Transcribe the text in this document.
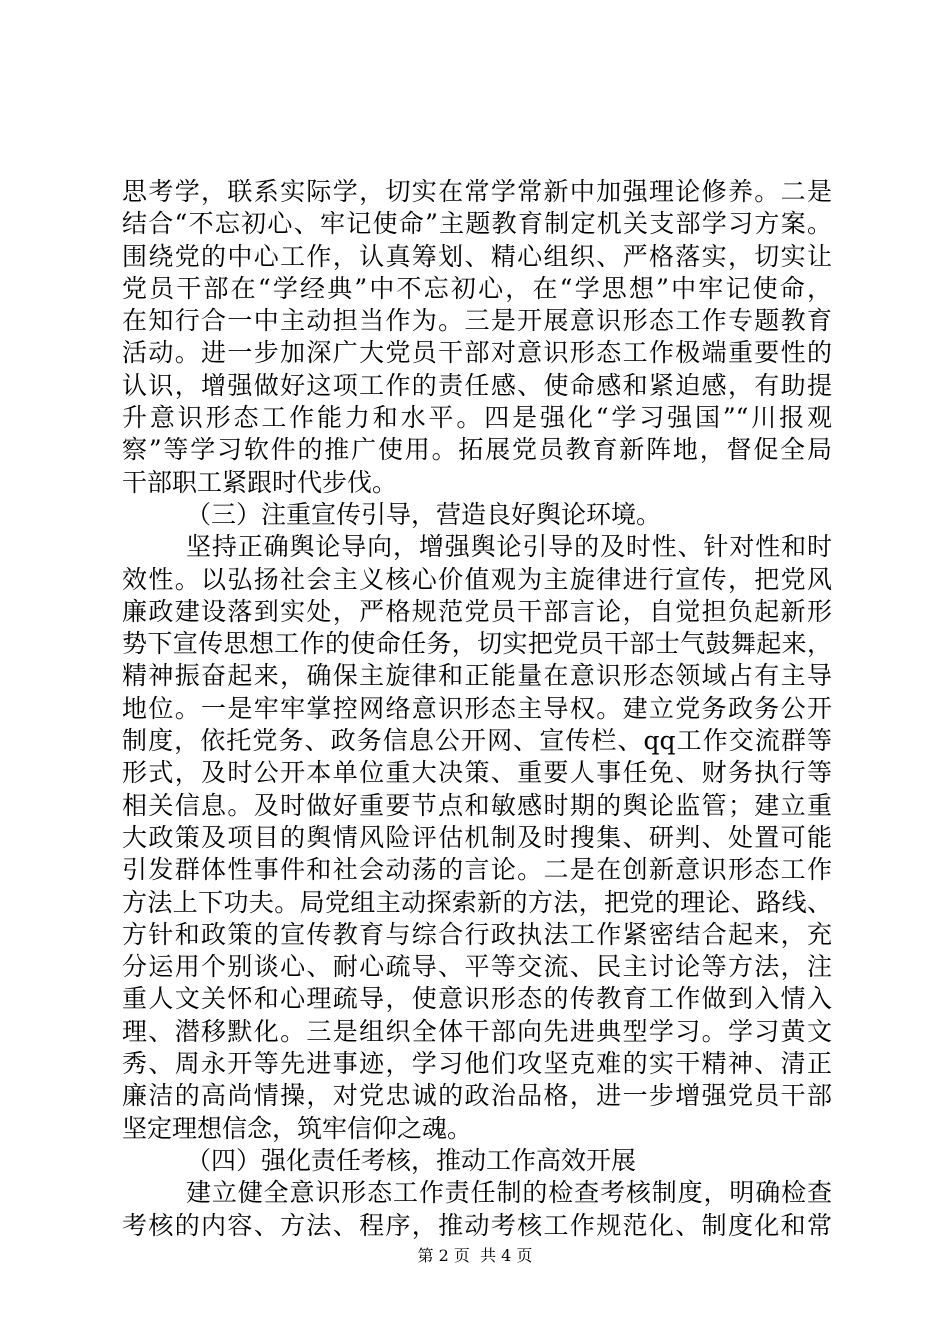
思考学，联系实际学，切实在常学常新中加强理论修养。二是
结合“不忘初心、牢记使命”主题教育制定机关支部学习方案。
围绕党的中心工作，认真筹划、精心组织、严格落实，切实让
党员干部在“学经典”中不忘初心，在“学思想”中牢记使命，
在知行合一中主动担当作为。三是开展意识形态工作专题教育
活动。进一步加深广大党员干部对意识形态工作极端重要性的
认识，增强做好这项工作的责任感、使命感和紧迫感，有助提
升意识形态工作能力和水平。四是强化“学习强国”“川报观
察”等学习软件的推广使用。拓展党员教育新阵地，督促全局
干部职工紧跟时代步伐。
（三）注重宣传引导，营造良好舆论环境。
坚持正确舆论导向，增强舆论引导的及时性、针对性和时
效性。以弘扬社会主义核心价值观为主旋律进行宣传，把党风
廉政建设落到实处，严格规范党员干部言论，自觉担负起新形
势下宣传思想工作的使命任务，切实把党员干部士气鼓舞起来，
精神振奋起来，确保主旋律和正能量在意识形态领域占有主导
地位。一是牢牢掌控网络意识形态主导权。建立党务政务公开
制度，依托党务、政务信息公开网、宣传栏、qq工作交流群等
形式，及时公开本单位重大决策、重要人事任免、财务执行等
相关信息。及时做好重要节点和敏感时期的舆论监管；建立重
大政策及项目的舆情风险评估机制及时搜集、研判、处置可能
引发群体性事件和社会动荡的言论。二是在创新意识形态工作
方法上下功夫。局党组主动探索新的方法，把党的理论、路线、
方针和政策的宣传教育与综合行政执法工作紧密结合起来，充
分运用个别谈心、耐心疏导、平等交流、民主讨论等方法，注
重人文关怀和心理疏导，使意识形态的传教育工作做到入情入
理、潜移默化。三是组织全体干部向先进典型学习。学习黄文
秀、周永开等先进事迹，学习他们攻坚克难的实干精神、清正
廉洁的高尚情操，对党忠诚的政治品格，进一步增强党员干部
坚定理想信念，筑牢信仰之魂。
（四）强化责任考核，推动工作高效开展
建立健全意识形态工作责任制的检查考核制度，明确检查
考核的内容、方法、程序，推动考核工作规范化、制度化和常
第 2 页  共 4 页
